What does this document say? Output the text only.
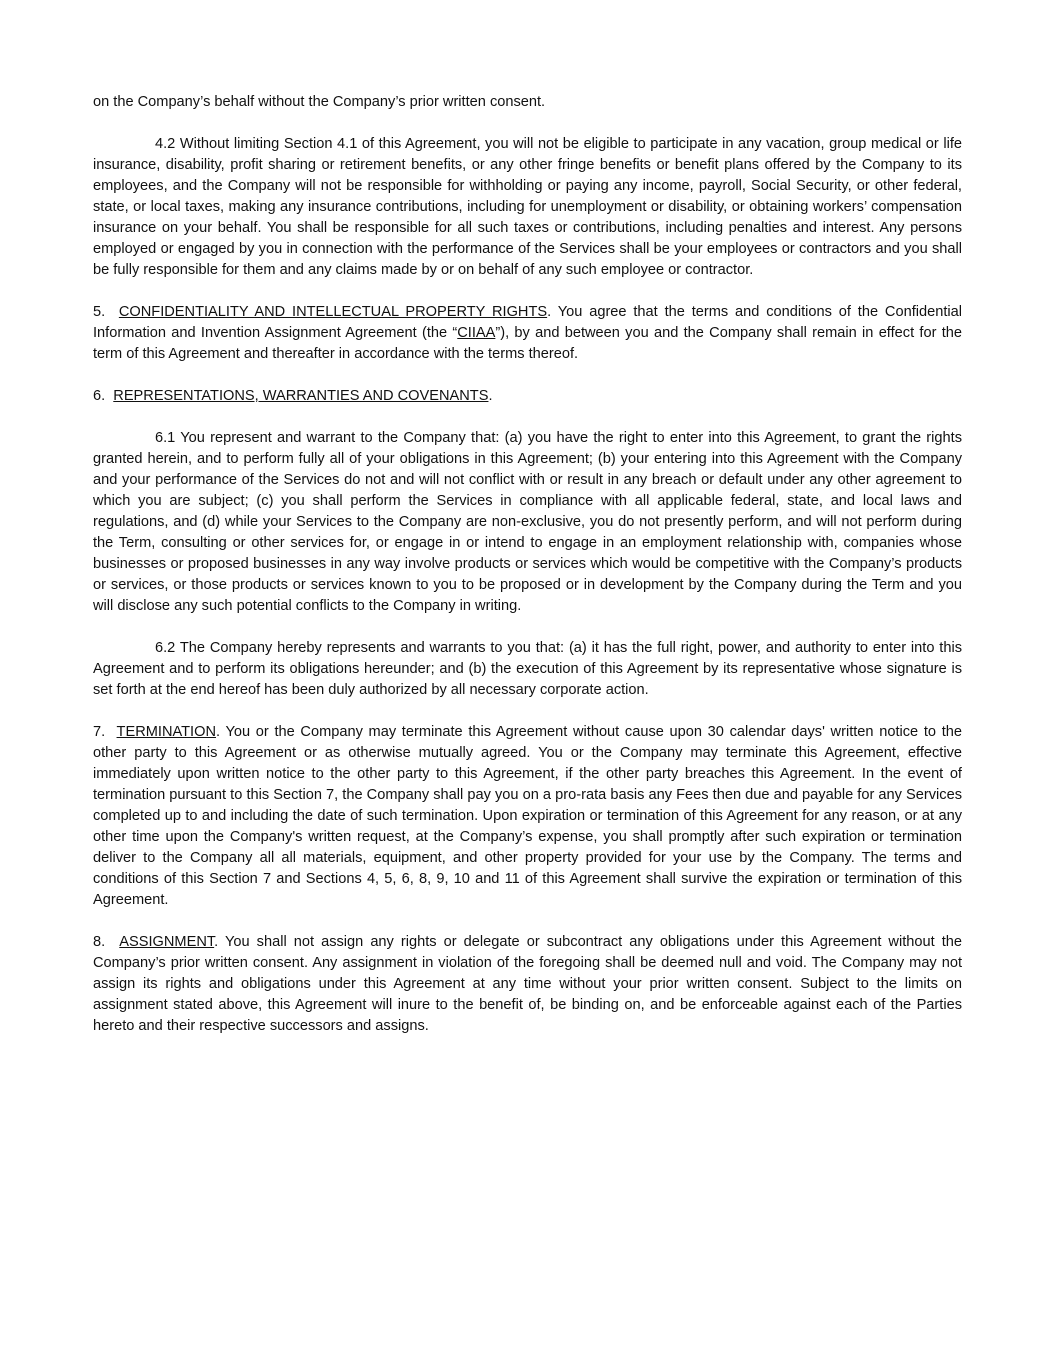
on the Company’s behalf without the Company’s prior written consent.

4.2 Without limiting Section 4.1 of this Agreement, you will not be eligible to participate in any vacation, group medical or life insurance, disability, profit sharing or retirement benefits, or any other fringe benefits or benefit plans offered by the Company to its employees, and the Company will not be responsible for withholding or paying any income, payroll, Social Security, or other federal, state, or local taxes, making any insurance contributions, including for unemployment or disability, or obtaining workers’ compensation insurance on your behalf. You shall be responsible for all such taxes or contributions, including penalties and interest. Any persons employed or engaged by you in connection with the performance of the Services shall be your employees or contractors and you shall be fully responsible for them and any claims made by or on behalf of any such employee or contractor.

5. CONFIDENTIALITY AND INTELLECTUAL PROPERTY RIGHTS. You agree that the terms and conditions of the Confidential Information and Invention Assignment Agreement (the “CIIAA”), by and between you and the Company shall remain in effect for the term of this Agreement and thereafter in accordance with the terms thereof.

6. REPRESENTATIONS, WARRANTIES AND COVENANTS.

6.1 You represent and warrant to the Company that: (a) you have the right to enter into this Agreement, to grant the rights granted herein, and to perform fully all of your obligations in this Agreement; (b) your entering into this Agreement with the Company and your performance of the Services do not and will not conflict with or result in any breach or default under any other agreement to which you are subject; (c) you shall perform the Services in compliance with all applicable federal, state, and local laws and regulations, and (d) while your Services to the Company are non-exclusive, you do not presently perform, and will not perform during the Term, consulting or other services for, or engage in or intend to engage in an employment relationship with, companies whose businesses or proposed businesses in any way involve products or services which would be competitive with the Company’s products or services, or those products or services known to you to be proposed or in development by the Company during the Term and you will disclose any such potential conflicts to the Company in writing.

6.2 The Company hereby represents and warrants to you that: (a) it has the full right, power, and authority to enter into this Agreement and to perform its obligations hereunder; and (b) the execution of this Agreement by its representative whose signature is set forth at the end hereof has been duly authorized by all necessary corporate action.

7. TERMINATION. You or the Company may terminate this Agreement without cause upon 30 calendar days' written notice to the other party to this Agreement or as otherwise mutually agreed. You or the Company may terminate this Agreement, effective immediately upon written notice to the other party to this Agreement, if the other party breaches this Agreement. In the event of termination pursuant to this Section 7, the Company shall pay you on a pro-rata basis any Fees then due and payable for any Services completed up to and including the date of such termination. Upon expiration or termination of this Agreement for any reason, or at any other time upon the Company's written request, at the Company’s expense, you shall promptly after such expiration or termination deliver to the Company all all materials, equipment, and other property provided for your use by the Company. The terms and conditions of this Section 7 and Sections 4, 5, 6, 8, 9, 10 and 11 of this Agreement shall survive the expiration or termination of this Agreement.

8. ASSIGNMENT. You shall not assign any rights or delegate or subcontract any obligations under this Agreement without the Company’s prior written consent. Any assignment in violation of the foregoing shall be deemed null and void. The Company may not assign its rights and obligations under this Agreement at any time without your prior written consent. Subject to the limits on assignment stated above, this Agreement will inure to the benefit of, be binding on, and be enforceable against each of the Parties hereto and their respective successors and assigns.
